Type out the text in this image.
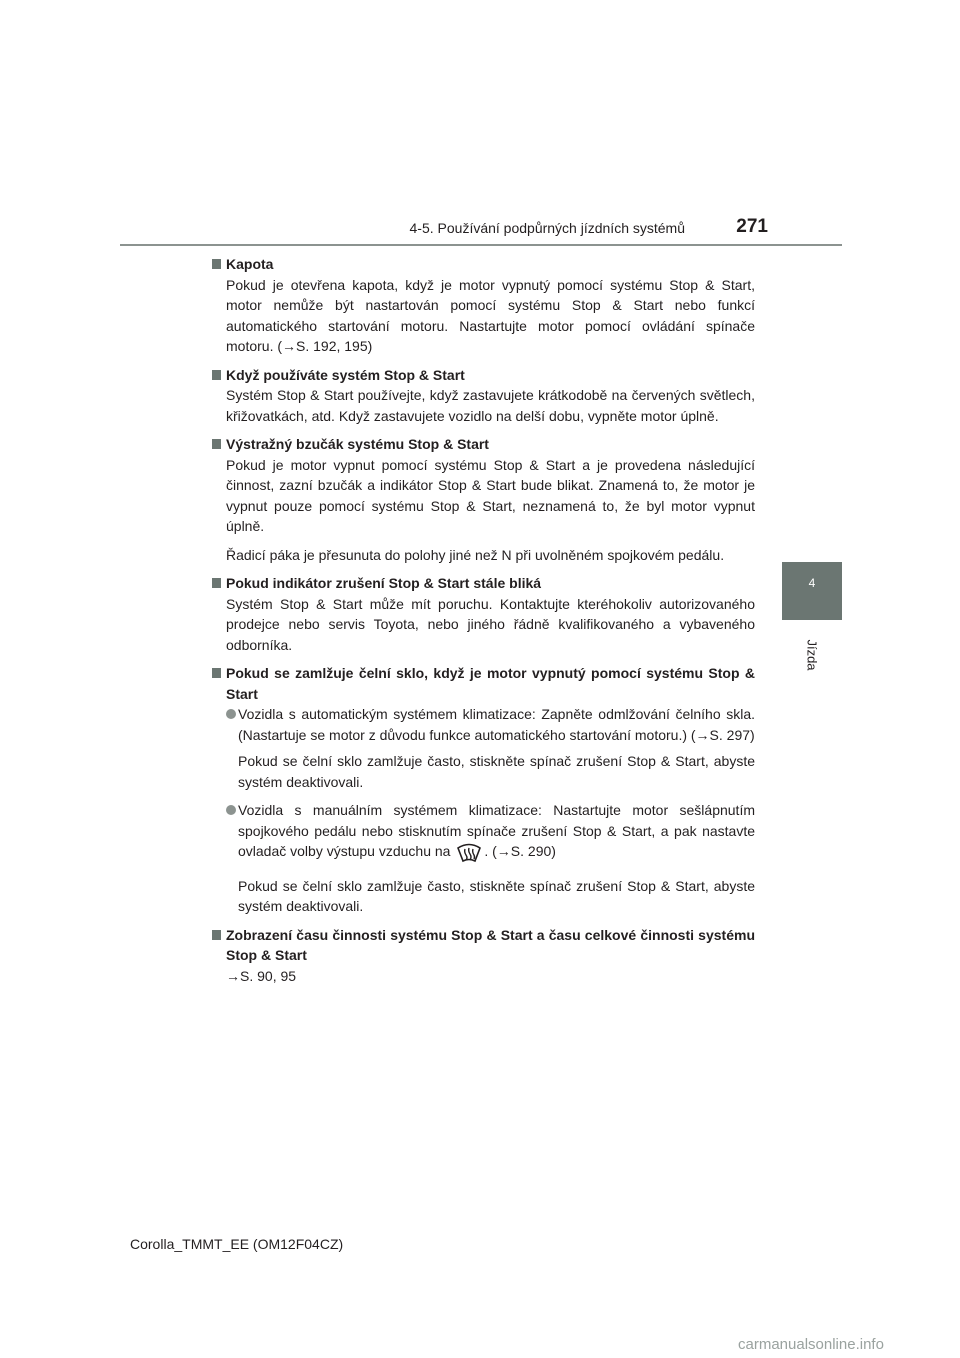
4-5. Používání podpůrných jízdních systémů	271
4
Jízda
Kapota
Pokud je otevřena kapota, když je motor vypnutý pomocí systému Stop & Start, motor nemůže být nastartován pomocí systému Stop & Start nebo funkcí automatického startování motoru. Nastartujte motor pomocí ovládání spínače motoru. (→S. 192, 195)
Když používáte systém Stop & Start
Systém Stop & Start používejte, když zastavujete krátkodobě na červených světlech, křižovatkách, atd. Když zastavujete vozidlo na delší dobu, vypněte motor úplně.
Výstražný bzučák systému Stop & Start
Pokud je motor vypnut pomocí systému Stop & Start a je provedena následující činnost, zazní bzučák a indikátor Stop & Start bude blikat. Znamená to, že motor je vypnut pouze pomocí systému Stop & Start, neznamená to, že byl motor vypnut úplně.
Řadicí páka je přesunuta do polohy jiné než N při uvolněném spojkovém pedálu.
Pokud indikátor zrušení Stop & Start stále bliká
Systém Stop & Start může mít poruchu. Kontaktujte kteréhokoliv autorizovaného prodejce nebo servis Toyota, nebo jiného řádně kvalifikovaného a vybaveného odborníka.
Pokud se zamlžuje čelní sklo, když je motor vypnutý pomocí systému Stop & Start
Vozidla s automatickým systémem klimatizace: Zapněte odmlžování čelního skla. (Nastartuje se motor z důvodu funkce automatického startování motoru.) (→S. 297)
Pokud se čelní sklo zamlžuje často, stiskněte spínač zrušení Stop & Start, abyste systém deaktivovali.
Vozidla s manuálním systémem klimatizace: Nastartujte motor sešlápnutím spojkového pedálu nebo stisknutím spínače zrušení Stop & Start, a pak nastavte ovladač volby výstupu vzduchu na . (→S. 290)
Pokud se čelní sklo zamlžuje často, stiskněte spínač zrušení Stop & Start, abyste systém deaktivovali.
Zobrazení času činnosti systému Stop & Start a času celkové činnosti systému Stop & Start
→S. 90, 95
Corolla_TMMT_EE (OM12F04CZ)
carmanualsonline.info
